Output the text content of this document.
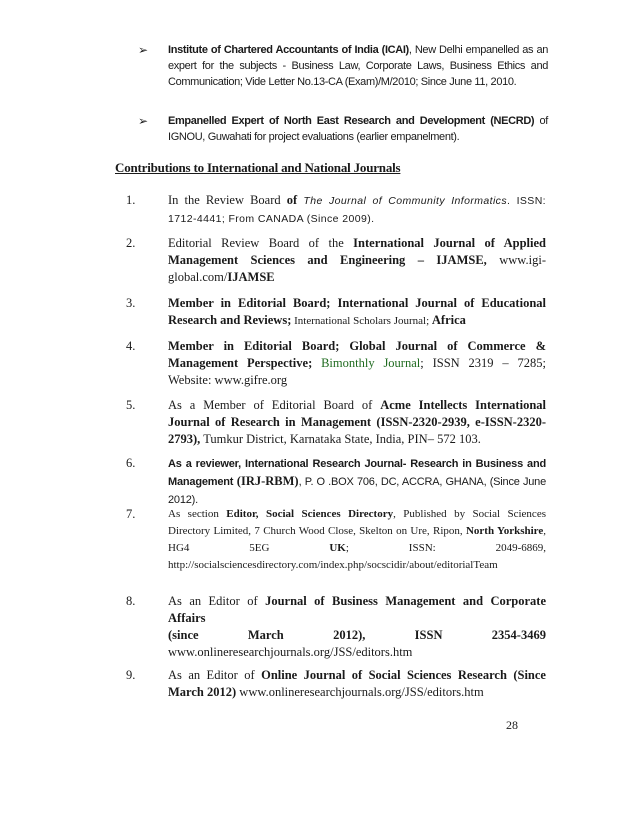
➢ Institute of Chartered Accountants of India (ICAI), New Delhi empanelled as an expert for the subjects - Business Law, Corporate Laws, Business Ethics and Communication; Vide Letter No.13-CA (Exam)/M/2010; Since June 11, 2010.
➢ Empanelled Expert of North East Research and Development (NECRD) of IGNOU, Guwahati for project evaluations (earlier empanelment).
Contributions to International and National Journals
1.	In the Review Board of The Journal of Community Informatics. ISSN: 1712-4441; From CANADA (Since 2009).
2.	Editorial Review Board of the International Journal of Applied Management Sciences and Engineering – IJAMSE, www.igi-global.com/IJAMSE
3.	Member in Editorial Board; International Journal of Educational Research and Reviews; International Scholars Journal; Africa
4.	Member in Editorial Board; Global Journal of Commerce & Management Perspective; Bimonthly Journal; ISSN 2319 – 7285; Website: www.gifre.org
5.	As a Member of Editorial Board of Acme Intellects International Journal of Research in Management (ISSN-2320-2939, e-ISSN-2320-2793), Tumkur District, Karnataka State, India, PIN– 572 103.
6.	As a reviewer, International Research Journal- Research in Business and Management (IRJ-RBM), P. O .BOX 706, DC, ACCRA, GHANA, (Since June 2012).
7.	As section Editor, Social Sciences Directory, Published by Social Sciences Directory Limited, 7 Church Wood Close, Skelton on Ure, Ripon, North Yorkshire, HG4 5EG UK; ISSN: 2049-6869, http://socialsciencesdirectory.com/index.php/socscidir/about/editorialTeam
8.	As an Editor of Journal of Business Management and Corporate Affairs
(since	March	2012),	ISSN	2354-3469
www.onlineresearchjournals.org/JSS/editors.htm
9.	As an Editor of Online Journal of Social Sciences Research (Since March 2012) www.onlineresearchjournals.org/JSS/editors.htm
28
